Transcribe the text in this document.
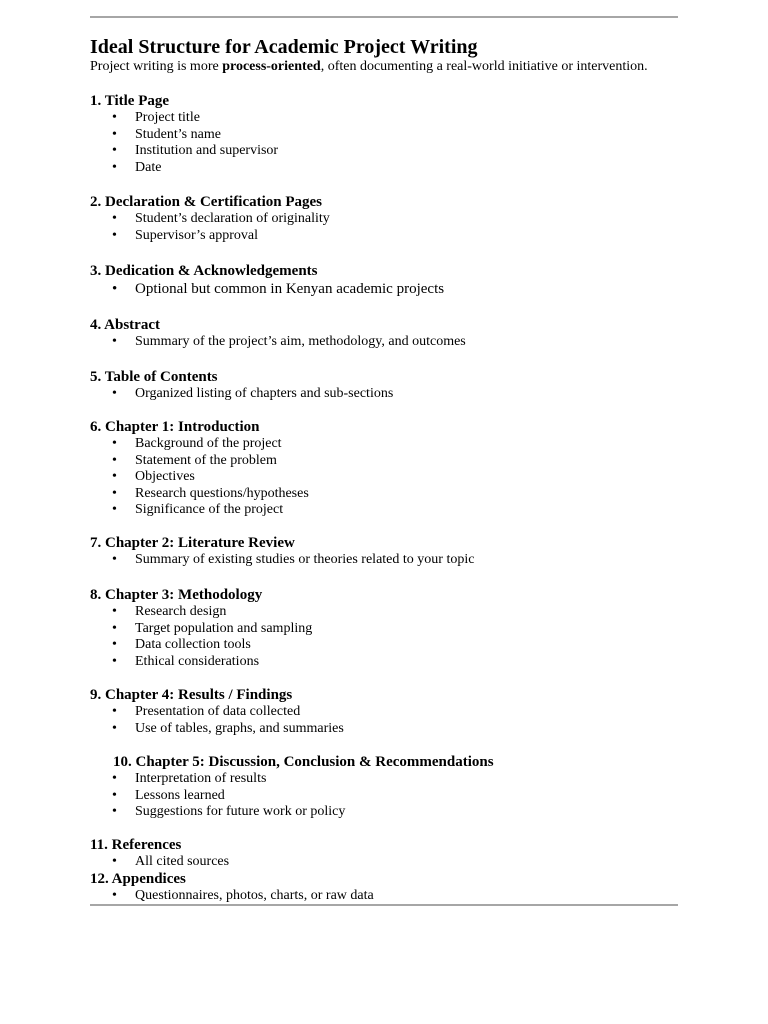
Ideal Structure for Academic Project Writing
Project writing is more process-oriented, often documenting a real-world initiative or intervention.
1. Title Page
• Project title
• Student’s name
• Institution and supervisor
• Date
2. Declaration & Certification Pages
• Student’s declaration of originality
• Supervisor’s approval
3. Dedication & Acknowledgements
• Optional but common in Kenyan academic projects
4. Abstract
• Summary of the project’s aim, methodology, and outcomes
5. Table of Contents
• Organized listing of chapters and sub-sections
6. Chapter 1: Introduction
• Background of the project
• Statement of the problem
• Objectives
• Research questions/hypotheses
• Significance of the project
7. Chapter 2: Literature Review
• Summary of existing studies or theories related to your topic
8. Chapter 3: Methodology
• Research design
• Target population and sampling
• Data collection tools
• Ethical considerations
9. Chapter 4: Results / Findings
• Presentation of data collected
• Use of tables, graphs, and summaries
10. Chapter 5: Discussion, Conclusion & Recommendations
• Interpretation of results
• Lessons learned
• Suggestions for future work or policy
11. References
• All cited sources
12. Appendices
• Questionnaires, photos, charts, or raw data
